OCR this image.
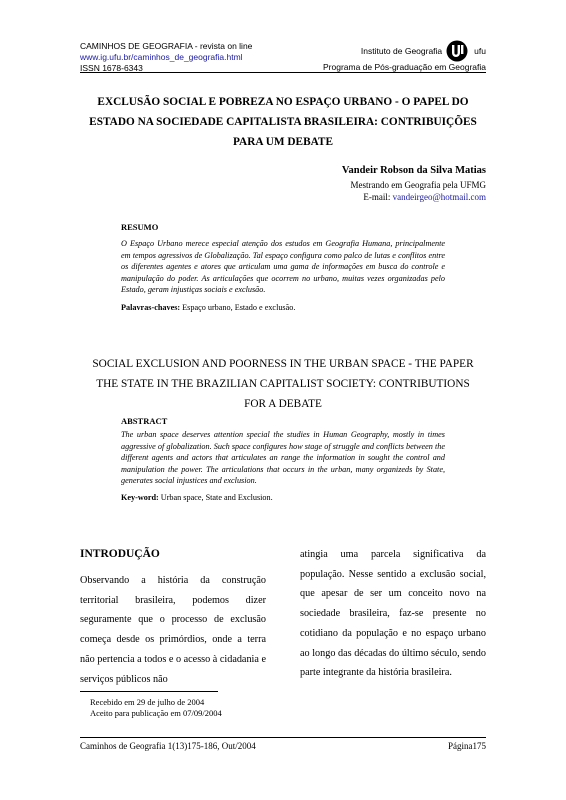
CAMINHOS DE GEOGRAFIA - revista on line
www.ig.ufu.br/caminhos_de_geografia.html
ISSN 1678-6343
Instituto de Geografia	ufu
Programa de Pós-graduação em Geografia
EXCLUSÃO SOCIAL E POBREZA NO ESPAÇO URBANO - O PAPEL DO
ESTADO NA SOCIEDADE CAPITALISTA BRASILEIRA: CONTRIBUIÇÕES
PARA UM DEBATE
Vandeir Robson da Silva Matias
Mestrando em Geografia pela UFMG
E-mail: vandeirgeo@hotmail.com
RESUMO
O Espaço Urbano merece especial atenção dos estudos em Geografia Humana, principalmente em tempos agressivos de Globalização. Tal espaço configura como palco de lutas e conflitos entre os diferentes agentes e atores que articulam uma gama de informações em busca do controle e manipulação do poder. As articulações que ocorrem no urbano, muitas vezes organizadas pelo Estado, geram injustiças sociais e exclusão.
Palavras-chaves: Espaço urbano, Estado e exclusão.
SOCIAL EXCLUSION AND POORNESS IN THE URBAN SPACE - THE PAPER
THE STATE IN THE BRAZILIAN CAPITALIST SOCIETY: CONTRIBUTIONS
FOR A DEBATE
ABSTRACT
The urban space deserves attention special the studies in Human Geography, mostly in times aggressive of globalization. Such space configures how stage of struggle and conflicts between the different agents and actors that articulates an range the information in sought the control and manipulation the power. The articulations that occurs in the urban, many organizeds by State, generates social injustices and exclusion.
Key-word: Urban space, State and Exclusion.
INTRODUÇÃO
Observando a história da construção territorial brasileira, podemos dizer seguramente que o processo de exclusão começa desde os primórdios, onde a terra não pertencia a todos e o acesso à cidadania e serviços públicos não
atingia uma parcela significativa da população. Nesse sentido a exclusão social, que apesar de ser um conceito novo na sociedade brasileira, faz-se presente no cotidiano da população e no espaço urbano ao longo das décadas do último século, sendo parte integrante da história brasileira.
Recebido em 29 de julho de 2004
Aceito para publicação em 07/09/2004
Caminhos de Geografia 1(13)175-186, Out/2004	Página175
